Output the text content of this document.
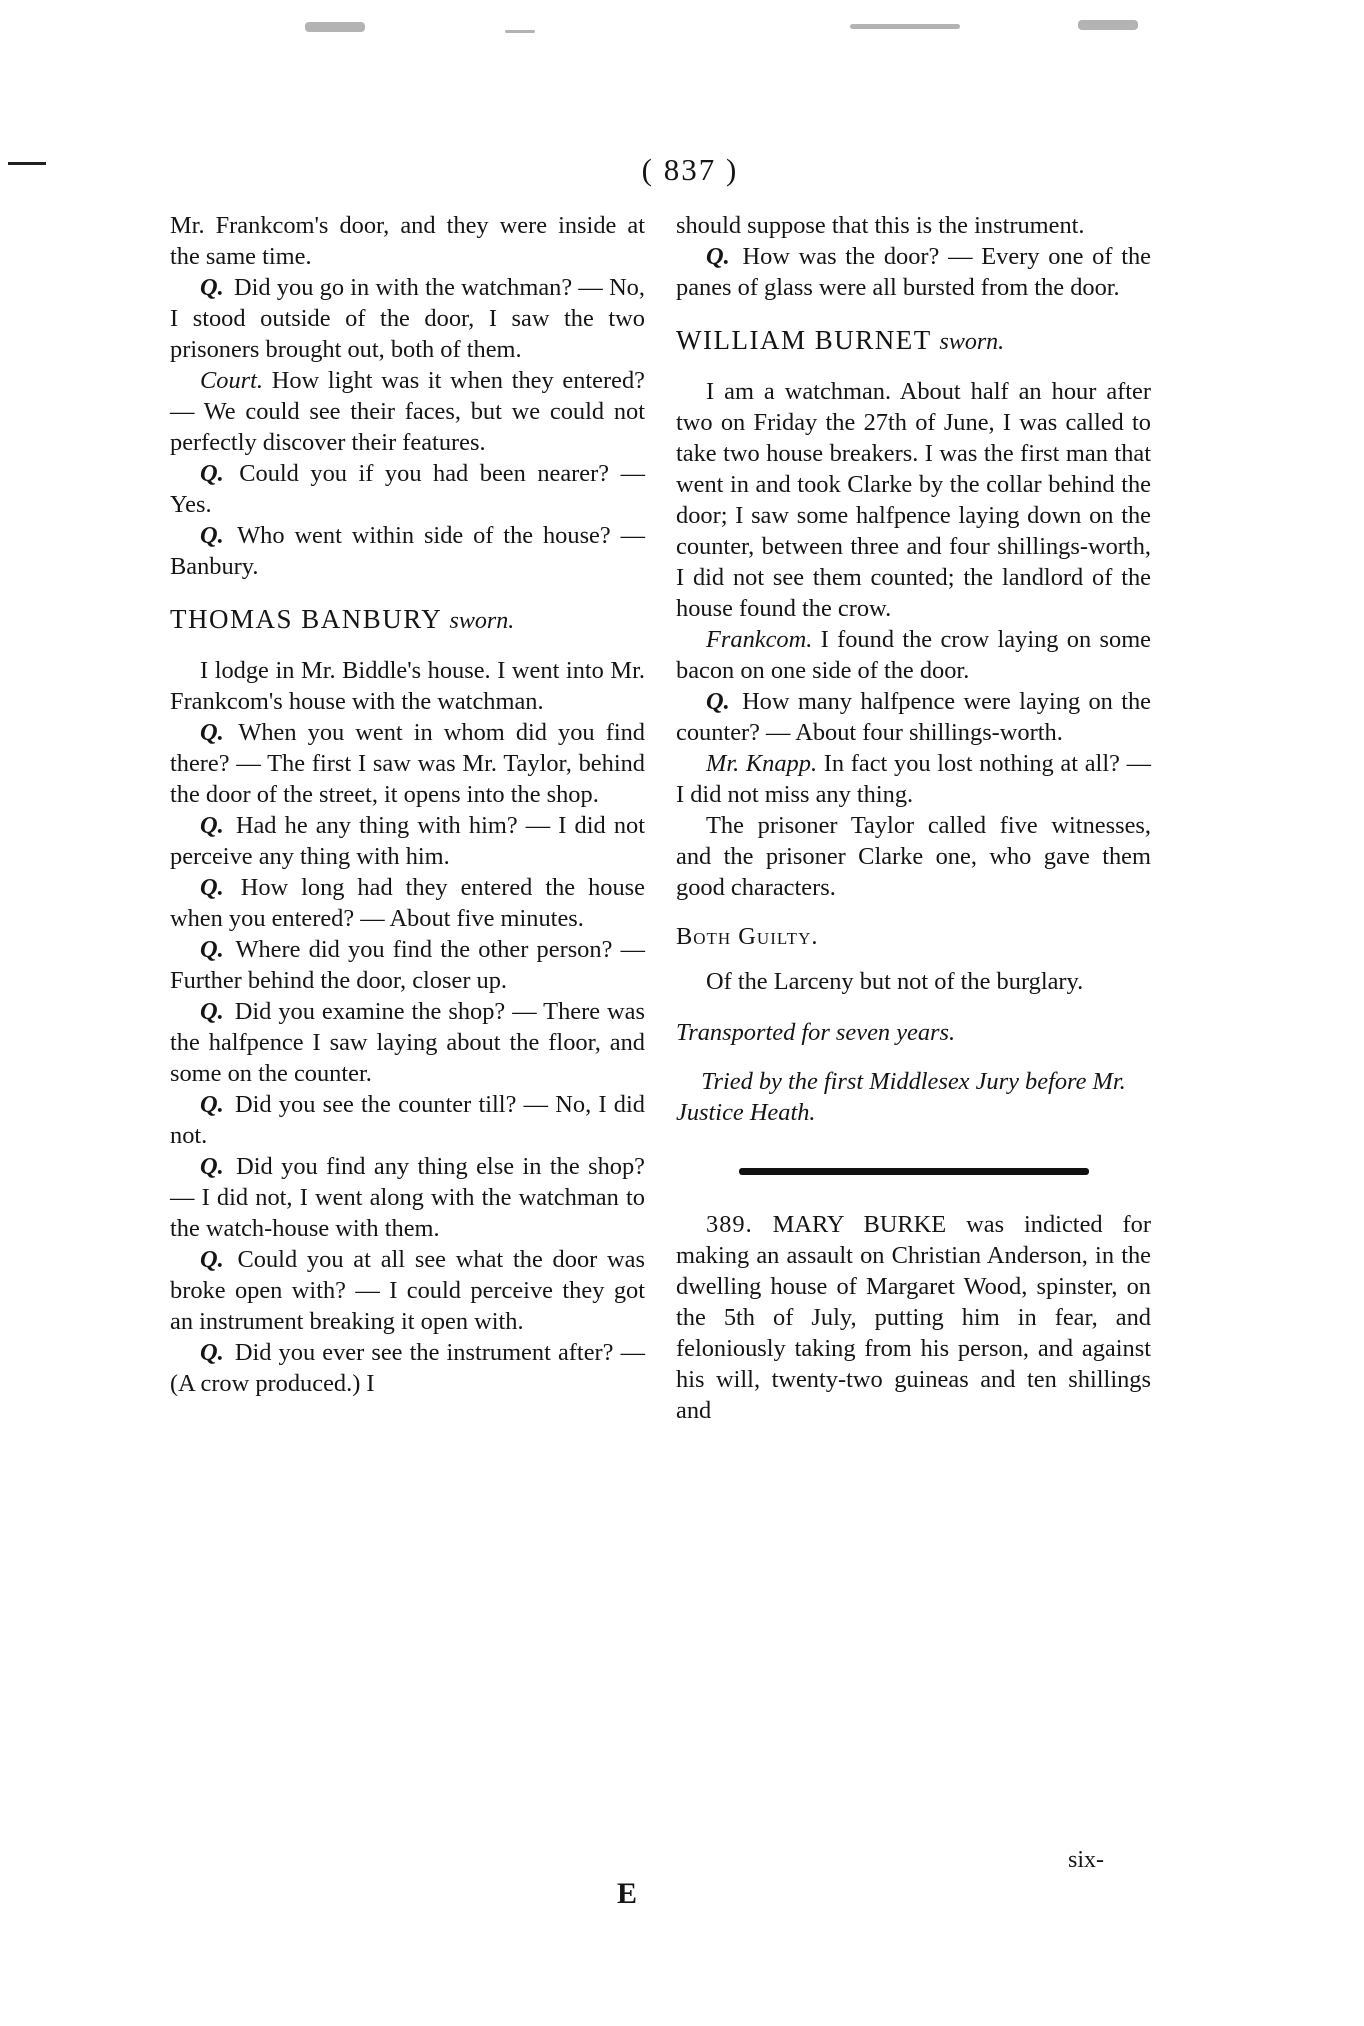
( 837 )

Mr. Frankcom's door, and they were inside at the same time.

Q. Did you go in with the watchman? — No, I stood outside of the door, I saw the two prisoners brought out, both of them.

Court. How light was it when they entered? — We could see their faces, but we could not perfectly discover their features.

Q. Could you if you had been nearer? — Yes.

Q. Who went within side of the house? — Banbury.

THOMAS BANBURY sworn.

I lodge in Mr. Biddle's house. I went into Mr. Frankcom's house with the watchman.

Q. When you went in whom did you find there? — The first I saw was Mr. Taylor, behind the door of the street, it opens into the shop.

Q. Had he any thing with him? — I did not perceive any thing with him.

Q. How long had they entered the house when you entered? — About five minutes.

Q. Where did you find the other person? — Further behind the door, closer up.

Q. Did you examine the shop? — There was the halfpence I saw laying about the floor, and some on the counter.

Q. Did you see the counter till? — No, I did not.

Q. Did you find any thing else in the shop? — I did not, I went along with the watchman to the watch-house with them.

Q. Could you at all see what the door was broke open with? — I could perceive they got an instrument breaking it open with.

Q. Did you ever see the instrument after? — (A crow produced.) I

should suppose that this is the instrument.

Q. How was the door? — Every one of the panes of glass were all bursted from the door.

WILLIAM BURNET sworn.

I am a watchman. About half an hour after two on Friday the 27th of June, I was called to take two house breakers. I was the first man that went in and took Clarke by the collar behind the door; I saw some halfpence laying down on the counter, between three and four shillings-worth, I did not see them counted; the landlord of the house found the crow.

Frankcom. I found the crow laying on some bacon on one side of the door.

Q. How many halfpence were laying on the counter? — About four shillings-worth.

Mr. Knapp. In fact you lost nothing at all? — I did not miss any thing.

The prisoner Taylor called five witnesses, and the prisoner Clarke one, who gave them good characters.

Both Guilty.

Of the Larceny but not of the burglary.

Transported for seven years.

Tried by the first Middlesex Jury before Mr. Justice Heath.

389. MARY BURKE was indicted for making an assault on Christian Anderson, in the dwelling house of Margaret Wood, spinster, on the 5th of July, putting him in fear, and feloniously taking from his person, and against his will, twenty-two guineas and ten shillings and

six-
E
